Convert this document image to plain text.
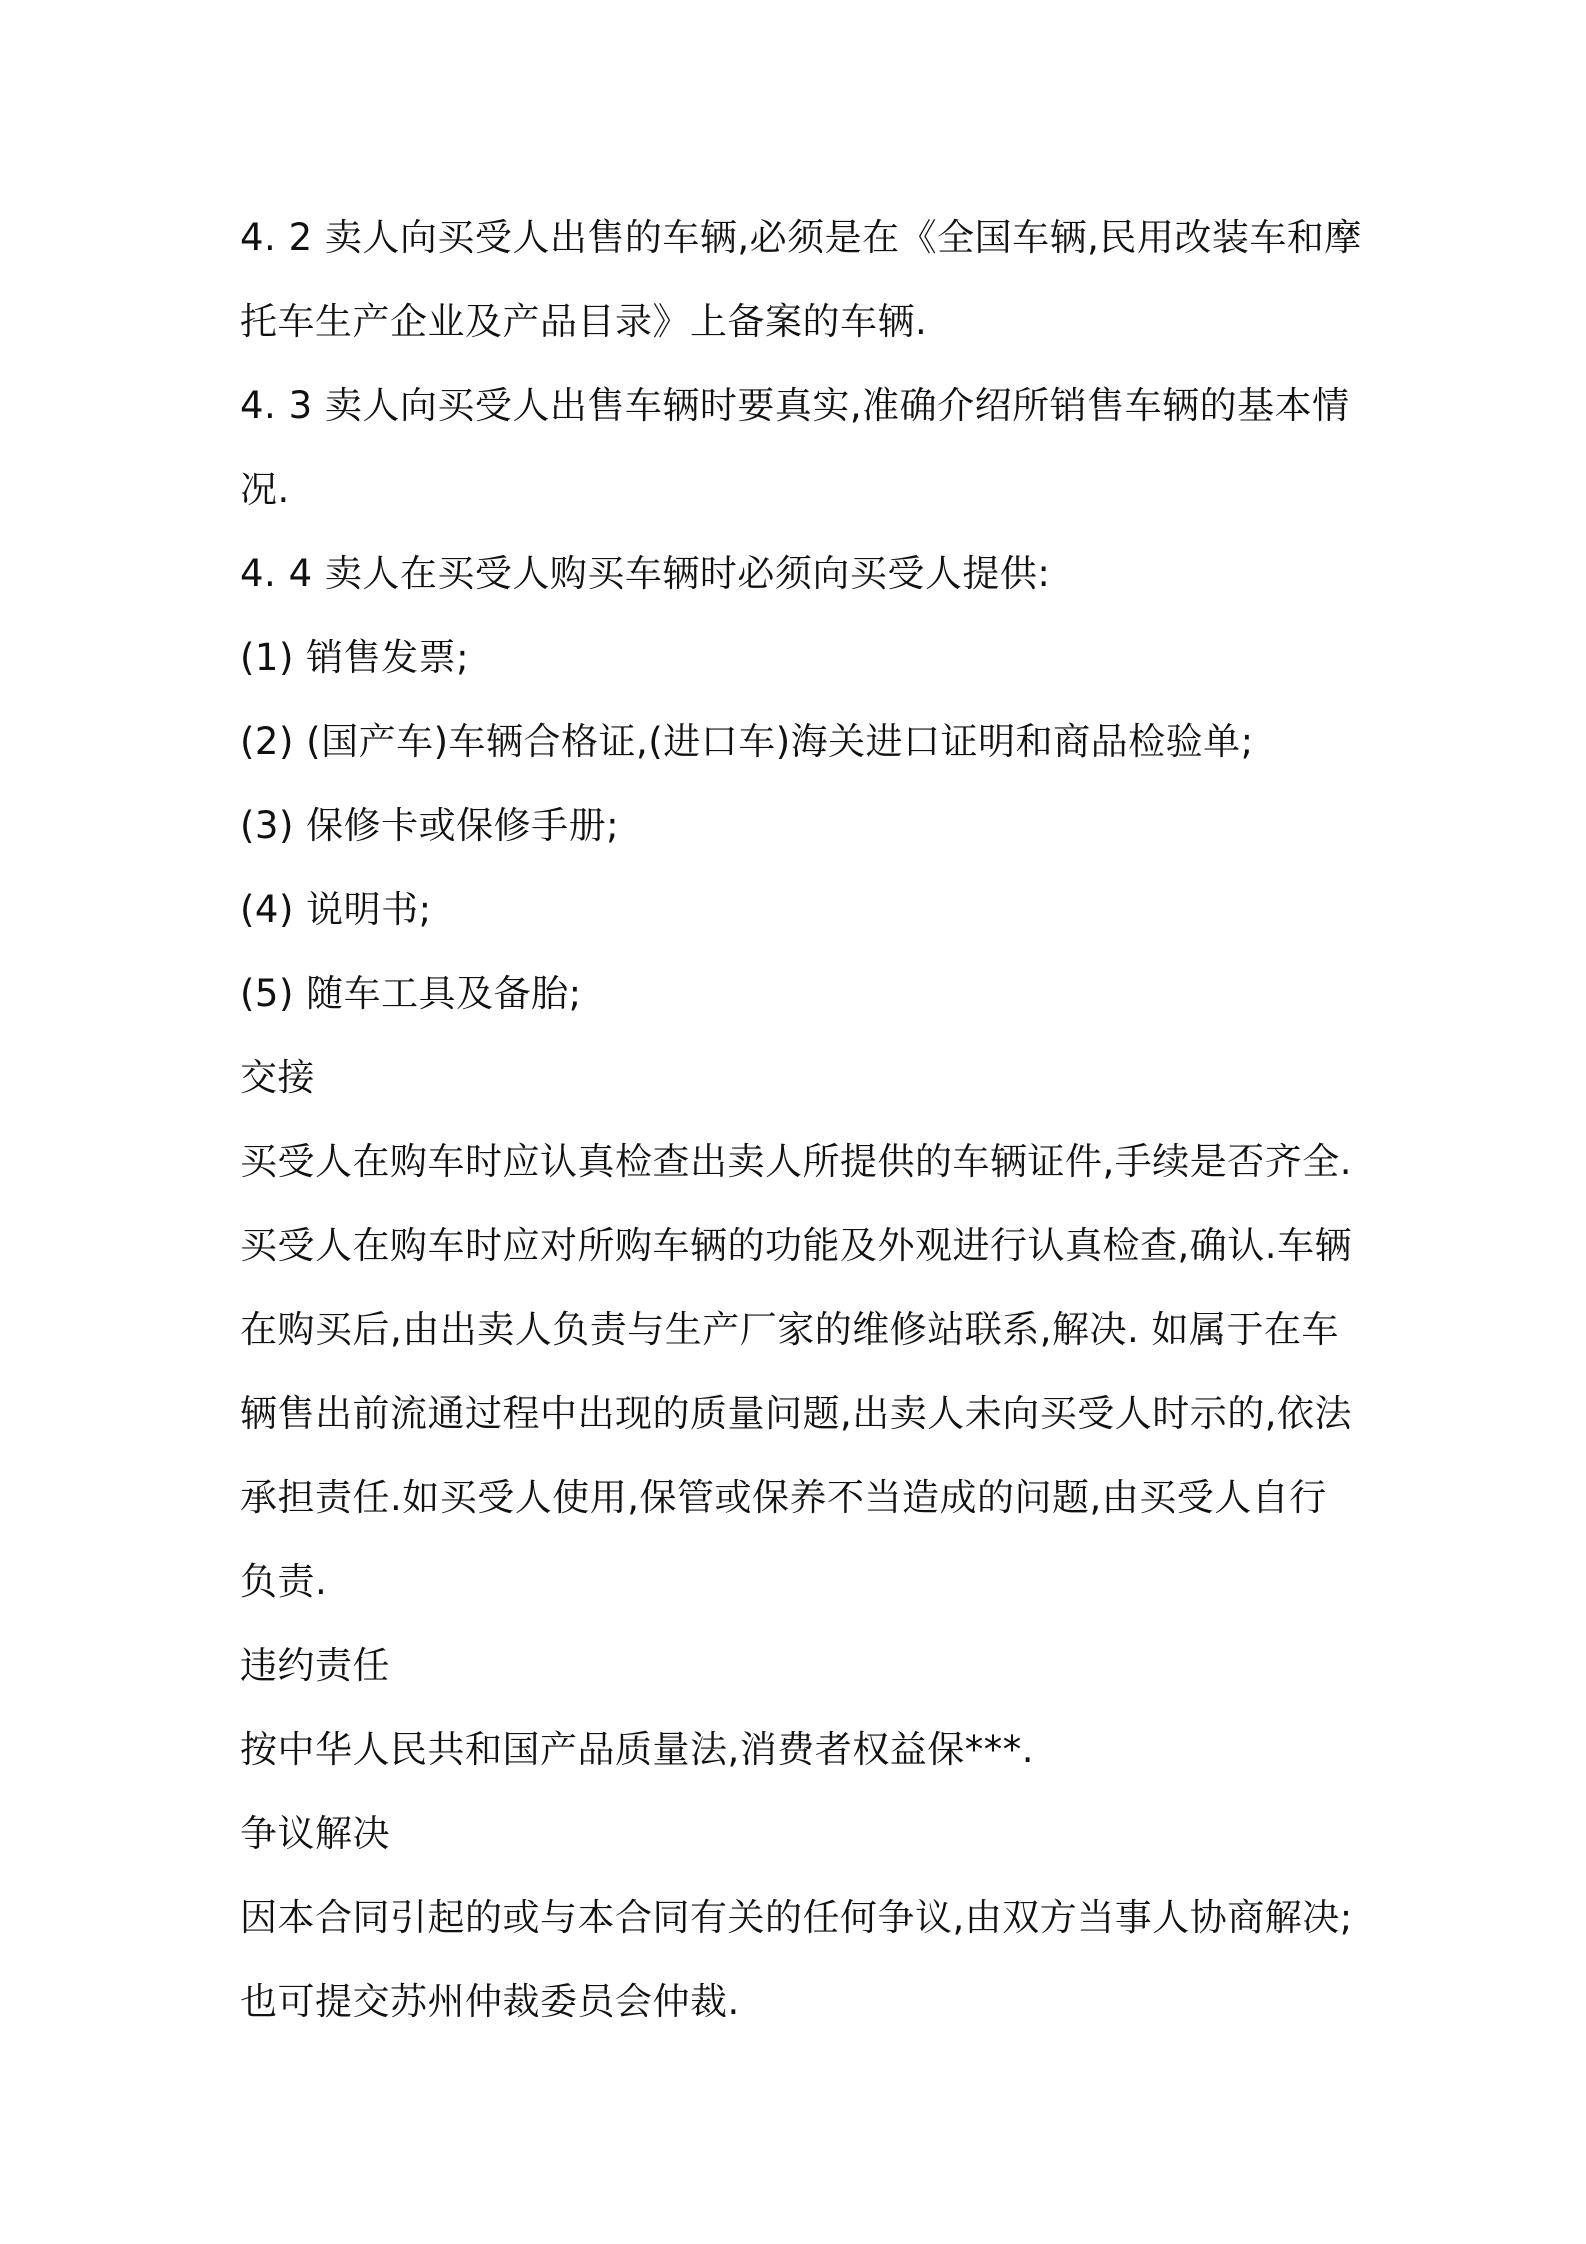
4. 2 卖人向买受人出售的车辆,必须是在《全国车辆,民用改装车和摩

托车生产企业及产品目录》上备案的车辆.

4. 3 卖人向买受人出售车辆时要真实,准确介绍所销售车辆的基本情

况.

4. 4 卖人在买受人购买车辆时必须向买受人提供:

(1) 销售发票;

(2) (国产车)车辆合格证,(进口车)海关进口证明和商品检验单;

(3) 保修卡或保修手册;

(4) 说明书;

(5) 随车工具及备胎;

交接

买受人在购车时应认真检查出卖人所提供的车辆证件,手续是否齐全.

买受人在购车时应对所购车辆的功能及外观进行认真检查,确认.车辆

在购买后,由出卖人负责与生产厂家的维修站联系,解决. 如属于在车

辆售出前流通过程中出现的质量问题,出卖人未向买受人时示的,依法

承担责任.如买受人使用,保管或保养不当造成的问题,由买受人自行

负责.

违约责任

按中华人民共和国产品质量法,消费者权益保***.

争议解决

因本合同引起的或与本合同有关的任何争议,由双方当事人协商解决;

也可提交苏州仲裁委员会仲裁.
